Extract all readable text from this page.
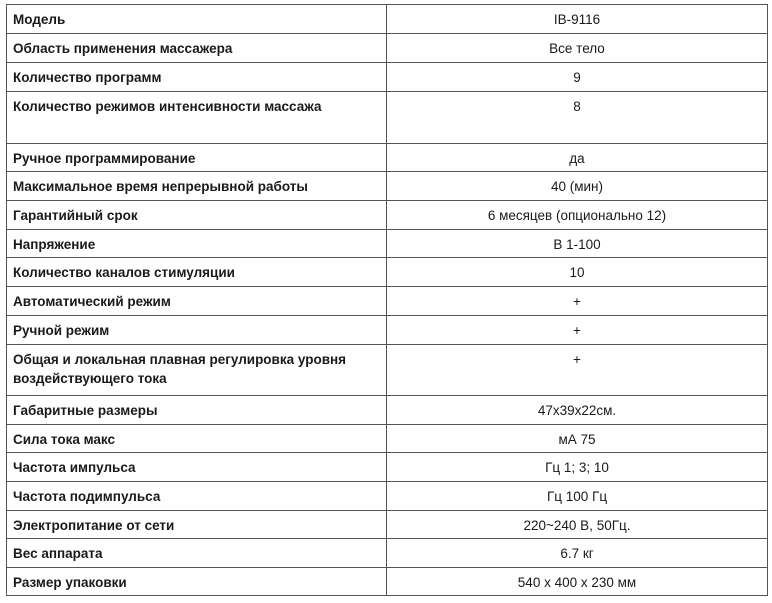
Модель	IB-9116
Область применения массажера	Все тело
Количество программ	9
Количество режимов интенсивности массажа	8
Ручное программирование	да
Максимальное время непрерывной работы	40 (мин)
Гарантийный срок	6 месяцев (опционально 12)
Напряжение	В 1-100
Количество каналов стимуляции	10
Автоматический режим	+
Ручной режим	+
Общая и локальная плавная регулировка уровня воздействующего тока	+
Габаритные размеры	47x39x22см.
Сила тока макс	мА 75
Частота импульса	Гц 1; 3; 10
Частота подимпульса	Гц 100 Гц
Электропитание от сети	220~240 В, 50Гц.
Вес аппарата	6.7 кг
Размер упаковки	540 x 400 x 230 мм
